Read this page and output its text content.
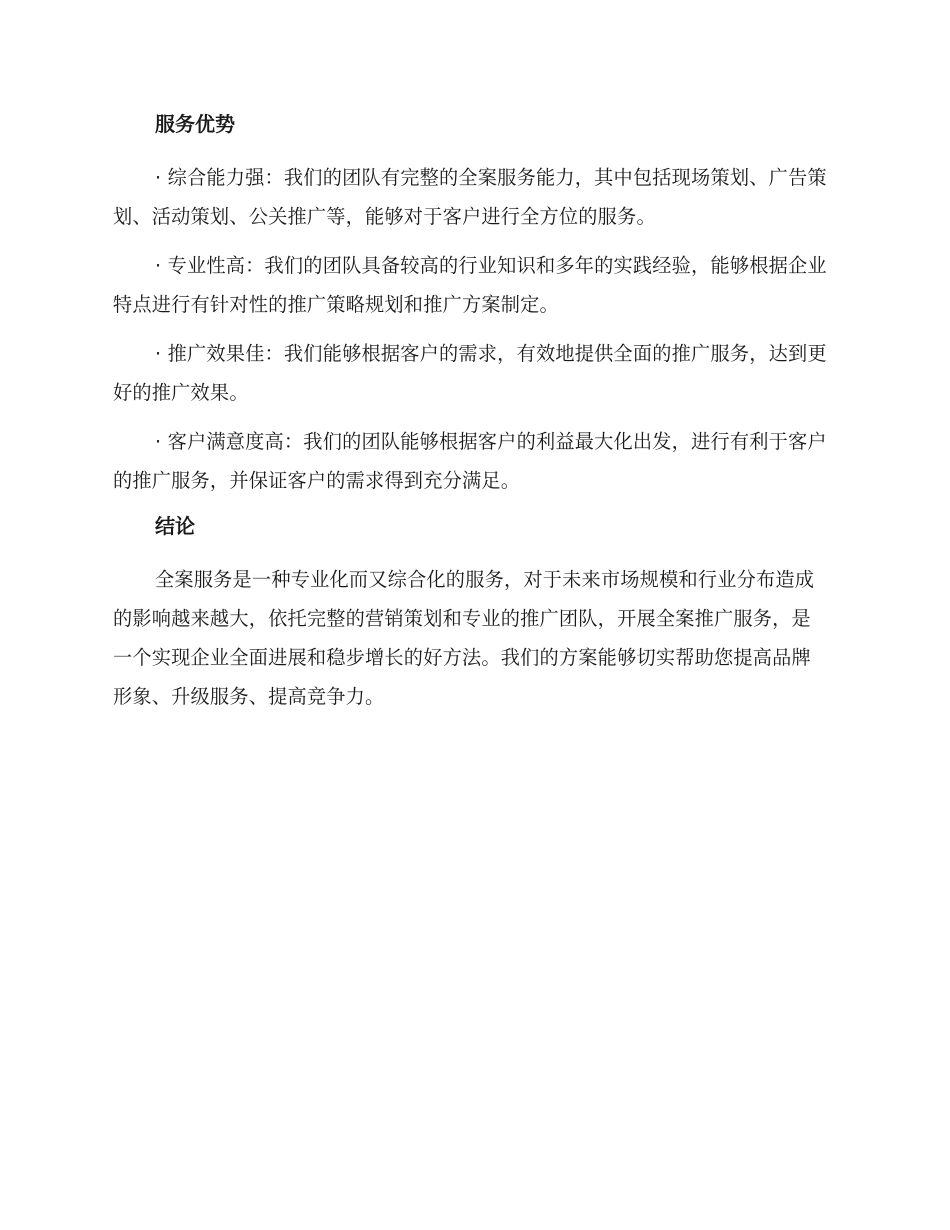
服务优势

· 综合能力强：我们的团队有完整的全案服务能力，其中包括现场策划、广告策划、活动策划、公关推广等，能够对于客户进行全方位的服务。

· 专业性高：我们的团队具备较高的行业知识和多年的实践经验，能够根据企业特点进行有针对性的推广策略规划和推广方案制定。

· 推广效果佳：我们能够根据客户的需求，有效地提供全面的推广服务，达到更好的推广效果。

· 客户满意度高：我们的团队能够根据客户的利益最大化出发，进行有利于客户的推广服务，并保证客户的需求得到充分满足。

结论

全案服务是一种专业化而又综合化的服务，对于未来市场规模和行业分布造成的影响越来越大，依托完整的营销策划和专业的推广团队，开展全案推广服务，是一个实现企业全面进展和稳步增长的好方法。我们的方案能够切实帮助您提高品牌形象、升级服务、提高竞争力。
